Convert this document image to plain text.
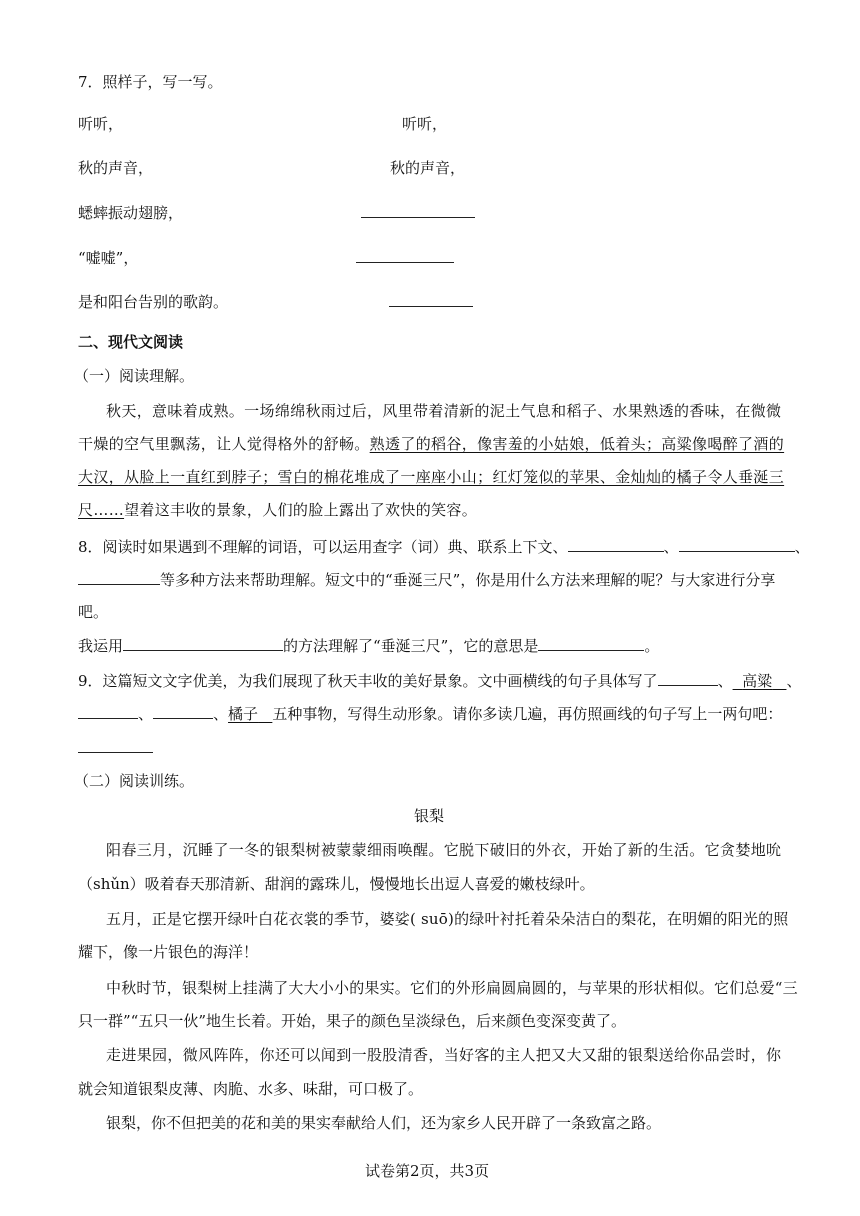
7．照样子，写一写。
听听，	听听，
秋的声音，	秋的声音，
蟋蟀振动翅膀，
“嘘嘘”，
是和阳台告别的歌韵。
二、现代文阅读
（一）阅读理解。
秋天，意味着成熟。一场绵绵秋雨过后，风里带着清新的泥土气息和稻子、水果熟透的香味，在微微
干燥的空气里飘荡，让人觉得格外的舒畅。熟透了的稻谷，像害羞的小姑娘，低着头；高粱像喝醉了酒的
大汉，从脸上一直红到脖子；雪白的棉花堆成了一座座小山；红灯笼似的苹果、金灿灿的橘子令人垂涎三
尺……望着这丰收的景象，人们的脸上露出了欢快的笑容。
8．阅读时如果遇到不理解的词语，可以运用查字（词）典、联系上下文、	、	、
等多种方法来帮助理解。短文中的“垂涎三尺”，你是用什么方法来理解的呢？与大家进行分享
吧。
我运用	的方法理解了“垂涎三尺”，它的意思是	。
9．这篇短文文字优美，为我们展现了秋天丰收的美好景象。文中画横线的句子具体写了	、 高粱 、
、	、橘子 五种事物，写得生动形象。请你多读几遍，再仿照画线的句子写上一两句吧：
（二）阅读训练。
银梨
阳春三月，沉睡了一冬的银梨树被蒙蒙细雨唤醒。它脱下破旧的外衣，开始了新的生活。它贪婪地吮
（shǔn）吸着春天那清新、甜润的露珠儿，慢慢地长出逗人喜爱的嫩枝绿叶。
五月，正是它摆开绿叶白花衣裳的季节，婆娑( suō)的绿叶衬托着朵朵洁白的梨花，在明媚的阳光的照
耀下，像一片银色的海洋！
中秋时节，银梨树上挂满了大大小小的果实。它们的外形扁圆扁圆的，与苹果的形状相似。它们总爱“三
只一群”“五只一伙”地生长着。开始，果子的颜色呈淡绿色，后来颜色变深变黄了。
走进果园，微风阵阵，你还可以闻到一股股清香，当好客的主人把又大又甜的银梨送给你品尝时，你
就会知道银梨皮薄、肉脆、水多、味甜，可口极了。
银梨，你不但把美的花和美的果实奉献给人们，还为家乡人民开辟了一条致富之路。
试卷第2页，共3页
